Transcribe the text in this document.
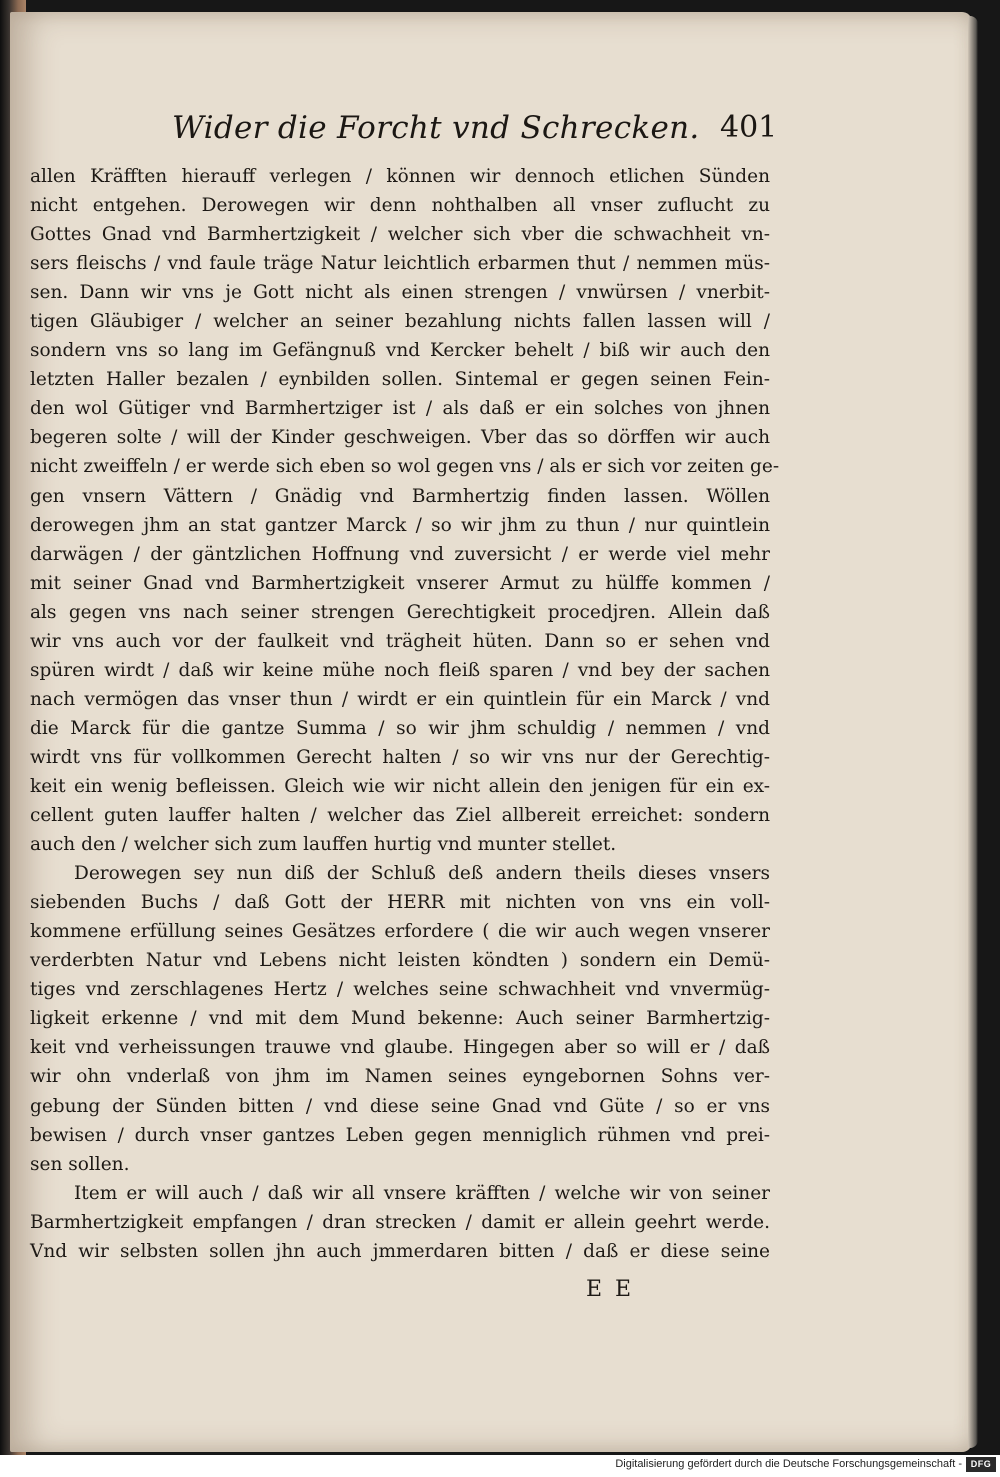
Wider die Forcht vnd Schrecken. 401
allen Kräfften hierauff verlegen / können wir dennoch etlichen Sünden
nicht entgehen. Derowegen wir denn nohthalben all vnser zuflucht zu
Gottes Gnad vnd Barmhertzigkeit / welcher sich vber die schwachheit vn-
sers fleischs / vnd faule träge Natur leichtlich erbarmen thut / nemmen müs-
sen. Dann wir vns je Gott nicht als einen strengen / vnwürsen / vnerbit-
tigen Gläubiger / welcher an seiner bezahlung nichts fallen lassen will /
sondern vns so lang im Gefängnuß vnd Kercker behelt / biß wir auch den
letzten Haller bezalen / eynbilden sollen. Sintemal er gegen seinen Fein-
den wol Gütiger vnd Barmhertziger ist / als daß er ein solches von jhnen
begeren solte / will der Kinder geschweigen. Vber das so dörffen wir auch
nicht zweiffeln / er werde sich eben so wol gegen vns / als er sich vor zeiten ge-
gen vnsern Vättern / Gnädig vnd Barmhertzig finden lassen. Wöllen
derowegen jhm an stat gantzer Marck / so wir jhm zu thun / nur quintlein
darwägen / der gäntzlichen Hoffnung vnd zuversicht / er werde viel mehr
mit seiner Gnad vnd Barmhertzigkeit vnserer Armut zu hülffe kommen /
als gegen vns nach seiner strengen Gerechtigkeit procedjren. Allein daß
wir vns auch vor der faulkeit vnd trägheit hüten. Dann so er sehen vnd
spüren wirdt / daß wir keine mühe noch fleiß sparen / vnd bey der sachen
nach vermögen das vnser thun / wirdt er ein quintlein für ein Marck / vnd
die Marck für die gantze Summa / so wir jhm schuldig / nemmen / vnd
wirdt vns für vollkommen Gerecht halten / so wir vns nur der Gerechtig-
keit ein wenig befleissen. Gleich wie wir nicht allein den jenigen für ein ex-
cellent guten lauffer halten / welcher das Ziel allbereit erreichet: sondern
auch den / welcher sich zum lauffen hurtig vnd munter stellet.
Derowegen sey nun diß der Schluß deß andern theils dieses vnsers
siebenden Buchs / daß Gott der HERR mit nichten von vns ein voll-
kommene erfüllung seines Gesätzes erfordere ( die wir auch wegen vnserer
verderbten Natur vnd Lebens nicht leisten köndten ) sondern ein Demü-
tiges vnd zerschlagenes Hertz / welches seine schwachheit vnd vnvermüg-
ligkeit erkenne / vnd mit dem Mund bekenne: Auch seiner Barmhertzig-
keit vnd verheissungen trauwe vnd glaube. Hingegen aber so will er / daß
wir ohn vnderlaß von jhm im Namen seines eyngebornen Sohns ver-
gebung der Sünden bitten / vnd diese seine Gnad vnd Güte / so er vns
bewisen / durch vnser gantzes Leben gegen menniglich rühmen vnd prei-
sen sollen.
Item er will auch / daß wir all vnsere kräfften / welche wir von seiner
Barmhertzigkeit empfangen / dran strecken / damit er allein geehrt werde.
Vnd wir selbsten sollen jhn auch jmmerdaren bitten / daß er diese seine
E E
Digitalisierung gefördert durch die Deutsche Forschungsgemeinschaft - DFG
